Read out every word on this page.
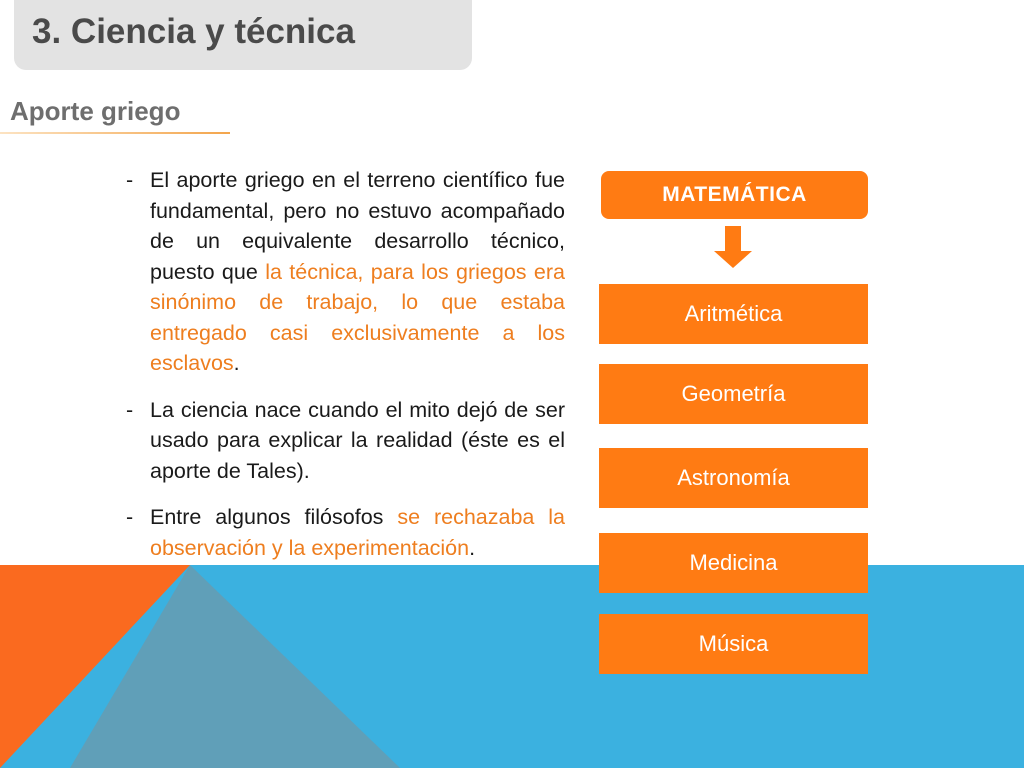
3. Ciencia y técnica
Aporte griego
- El aporte griego en el terreno científico fue fundamental, pero no estuvo acompañado de un equivalente desarrollo técnico, puesto que la técnica, para los griegos era sinónimo de trabajo, lo que estaba entregado casi exclusivamente a los esclavos.
- La ciencia nace cuando el mito dejó de ser usado para explicar la realidad (éste es el aporte de Tales).
- Entre algunos filósofos se rechazaba la observación y la experimentación.
MATEMÁTICA
Aritmética
Geometría
Astronomía
Medicina
Música
